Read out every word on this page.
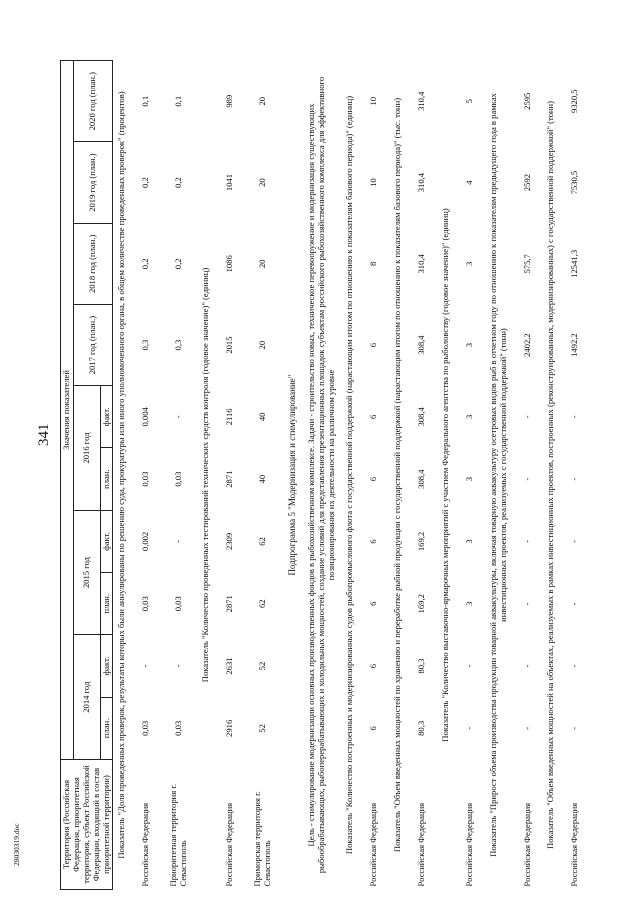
341
28030319.doc	Территория (Российская Федерация, приоритетная территория, субъект Российской Федерации, входящий в состав приоритетной территории)	Значения показателей									
	2014 год		2015 год		2016 год		2017 год (план.)	2018 год (план.)	2019 год (план.)	2020 год (план.)
	план.	факт.	план.	факт.	план.	факт.				
Показатель "Доля проведенных проверок, результаты которых были аннулированы по решению суда, прокуратуры или иного уполномоченного органа, в общем количестве проведенных проверок" (процентов)										
Российская Федерация	0,03	-	0,03	0,002	0,03	0,004	0,3	0,2	0,2	0,1
Приоритетная территория г. Севастополь	0,03	-	0,03	-	0,03	-	0,3	0,2	0,2	0,1
Показатель "Количество проведенных тестирований технических средств контроля (годовое значение)" (единиц)										
Российская Федерация	2916	2631	2871	2309	2871	2116	2015	1086	1041	989
Приморская территория г. Севастополь	52	52	62	62	40	40	20	20	20	20
Подпрограмма 5 "Модернизация и стимулирование"										
Цель - стимулирование модернизации основных производственных фондов в рыбохозяйственном комплексе. Задачи - строительство новых, техническое перевооружение и модернизация существующих рыбообрабатывающих, рыбоперерабатывающих и холодильных мощностей, создание условий для представления презентационных площадок субъектам российского рыбохозяйственного комплекса для эффективного позиционирования их деятельности на различном уровне										
Показатель "Количество построенных и модернизированных судов рыбопромыслового флота с государственной поддержкой (нарастающим итогом по отношению к показателям базового периода)" (единиц)										
Российская Федерация	6	6	6	6	6	6	6	8	10	10
Показатель "Объем введенных мощностей по хранению и переработке рыбной продукции с государственной поддержкой (нарастающим итогом по отношению к показателям базового периода)" (тыс. тонн)										
Российская Федерация	80,3	80,3	169,2	169,2	308,4	308,4	308,4	310,4	310,4	310,4
Показатель "Количество выставочно-ярмарочных мероприятий с участием Федерального агентства по рыболовству (годовое значение)" (единиц)										
Российская Федерация	-	-	3	3	3	3	3	3	4	5
Показатель "Прирост объема производства продукции товарной аквакультуры, включая товарную аквакультуру осетровых видов рыб в отчетном году по отношению к показателям предыдущего года в рамках инвестиционных проектов, реализуемых с государственной поддержкой" (тонн)										
Российская Федерация	-	-	-	-	-	-	2402,2	575,7	2592	2595
Показатель "Объем введенных мощностей на объектах, реализуемых в рамках инвестиционных проектов, построенных (реконструированных, модернизированных) с государственной поддержкой" (тонн)										
Российская Федерация	-	-	-	-	-	-	1492,2	12541,3	7530,5	9320,5
